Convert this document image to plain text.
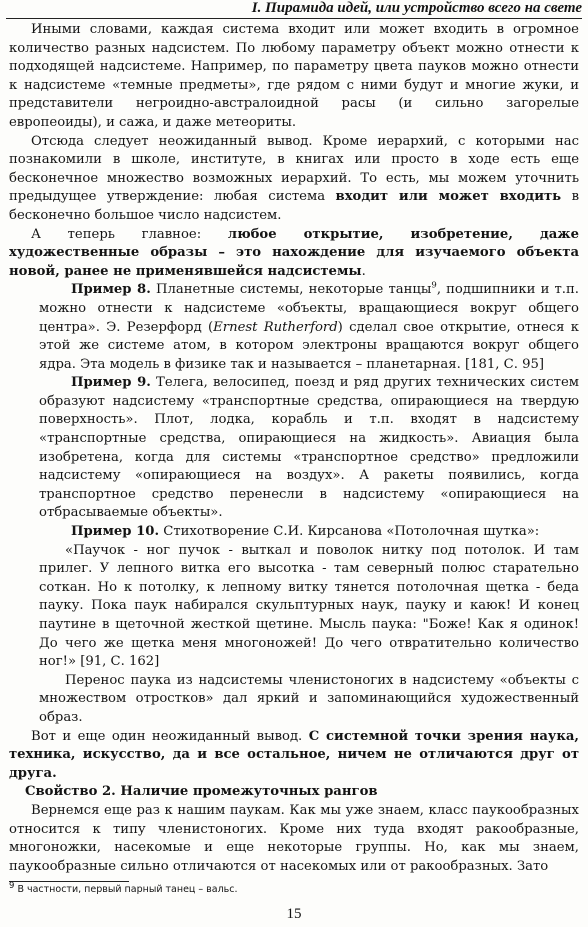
I. Пирамида идей, или устройство всего на свете

Иными словами, каждая система входит или может входить в огромное количество разных надсистем. По любому параметру объект можно отнести к подходящей надсистеме. Например, по параметру цвета пауков можно отнести к надсистеме «темные предметы», где рядом с ними будут и многие жуки, и представители негроидно-австралоидной расы (и сильно загорелые европеоиды), и сажа, и даже метеориты.

Отсюда следует неожиданный вывод. Кроме иерархий, с которыми нас познакомили в школе, институте, в книгах или просто в ходе есть еще бесконечное множество возможных иерархий. То есть, мы можем уточнить предыдущее утверждение: любая система входит или может входить в бесконечно большое число надсистем.

А теперь главное: любое открытие, изобретение, даже художественные образы – это нахождение для изучаемого объекта новой, ранее не применявшейся надсистемы.

Пример 8. Планетные системы, некоторые танцы$^9$, подшипники и т.п. можно отнести к надсистеме «объекты, вращающиеся вокруг общего центра». Э. Резерфорд (Ernest Rutherford) сделал свое открытие, отнеся к этой же системе атом, в котором электроны вращаются вокруг общего ядра. Эта модель в физике так и называется – планетарная. [181, С. 95]

Пример 9. Телега, велосипед, поезд и ряд других технических систем образуют надсистему «транспортные средства, опирающиеся на твердую поверхность». Плот, лодка, корабль и т.п. входят в надсистему «транспортные средства, опирающиеся на жидкость». Авиация была изобретена, когда для системы «транспортное средство» предложили надсистему «опирающиеся на воздух». А ракеты появились, когда транспортное средство перенесли в надсистему «опирающиеся на отбрасываемые объекты».

Пример 10. Стихотворение С.И. Кирсанова «Потолочная шутка»:

«Паучок - ног пучок - выткал и поволок нитку под потолок. И там прилег. У лепного витка его высотка - там северный полюс старательно соткан. Но к потолку, к лепному витку тянется потолочная щетка - беда пауку. Пока паук набирался скульптурных наук, пауку и каюк! И конец паутине в щеточной жесткой щетине. Мысль паука: "Боже! Как я одинок! До чего же щетка меня многоножей! До чего отвратительно количество ног!» [91, С. 162]

Перенос паука из надсистемы членистоногих в надсистему «объекты с множеством отростков» дал яркий и запоминающийся художественный образ.

Вот и еще один неожиданный вывод. С системной точки зрения наука, техника, искусство, да и все остальное, ничем не отличаются друг от друга.

Свойство 2. Наличие промежуточных рангов

Вернемся еще раз к нашим паукам. Как мы уже знаем, класс паукообразных относится к типу членистоногих. Кроме них туда входят ракообразные, многоножки, насекомые и еще некоторые группы. Но, как мы знаем, паукообразные сильно отличаются от насекомых или от ракообразных. Зато

9 В частности, первый парный танец – вальс.
15
